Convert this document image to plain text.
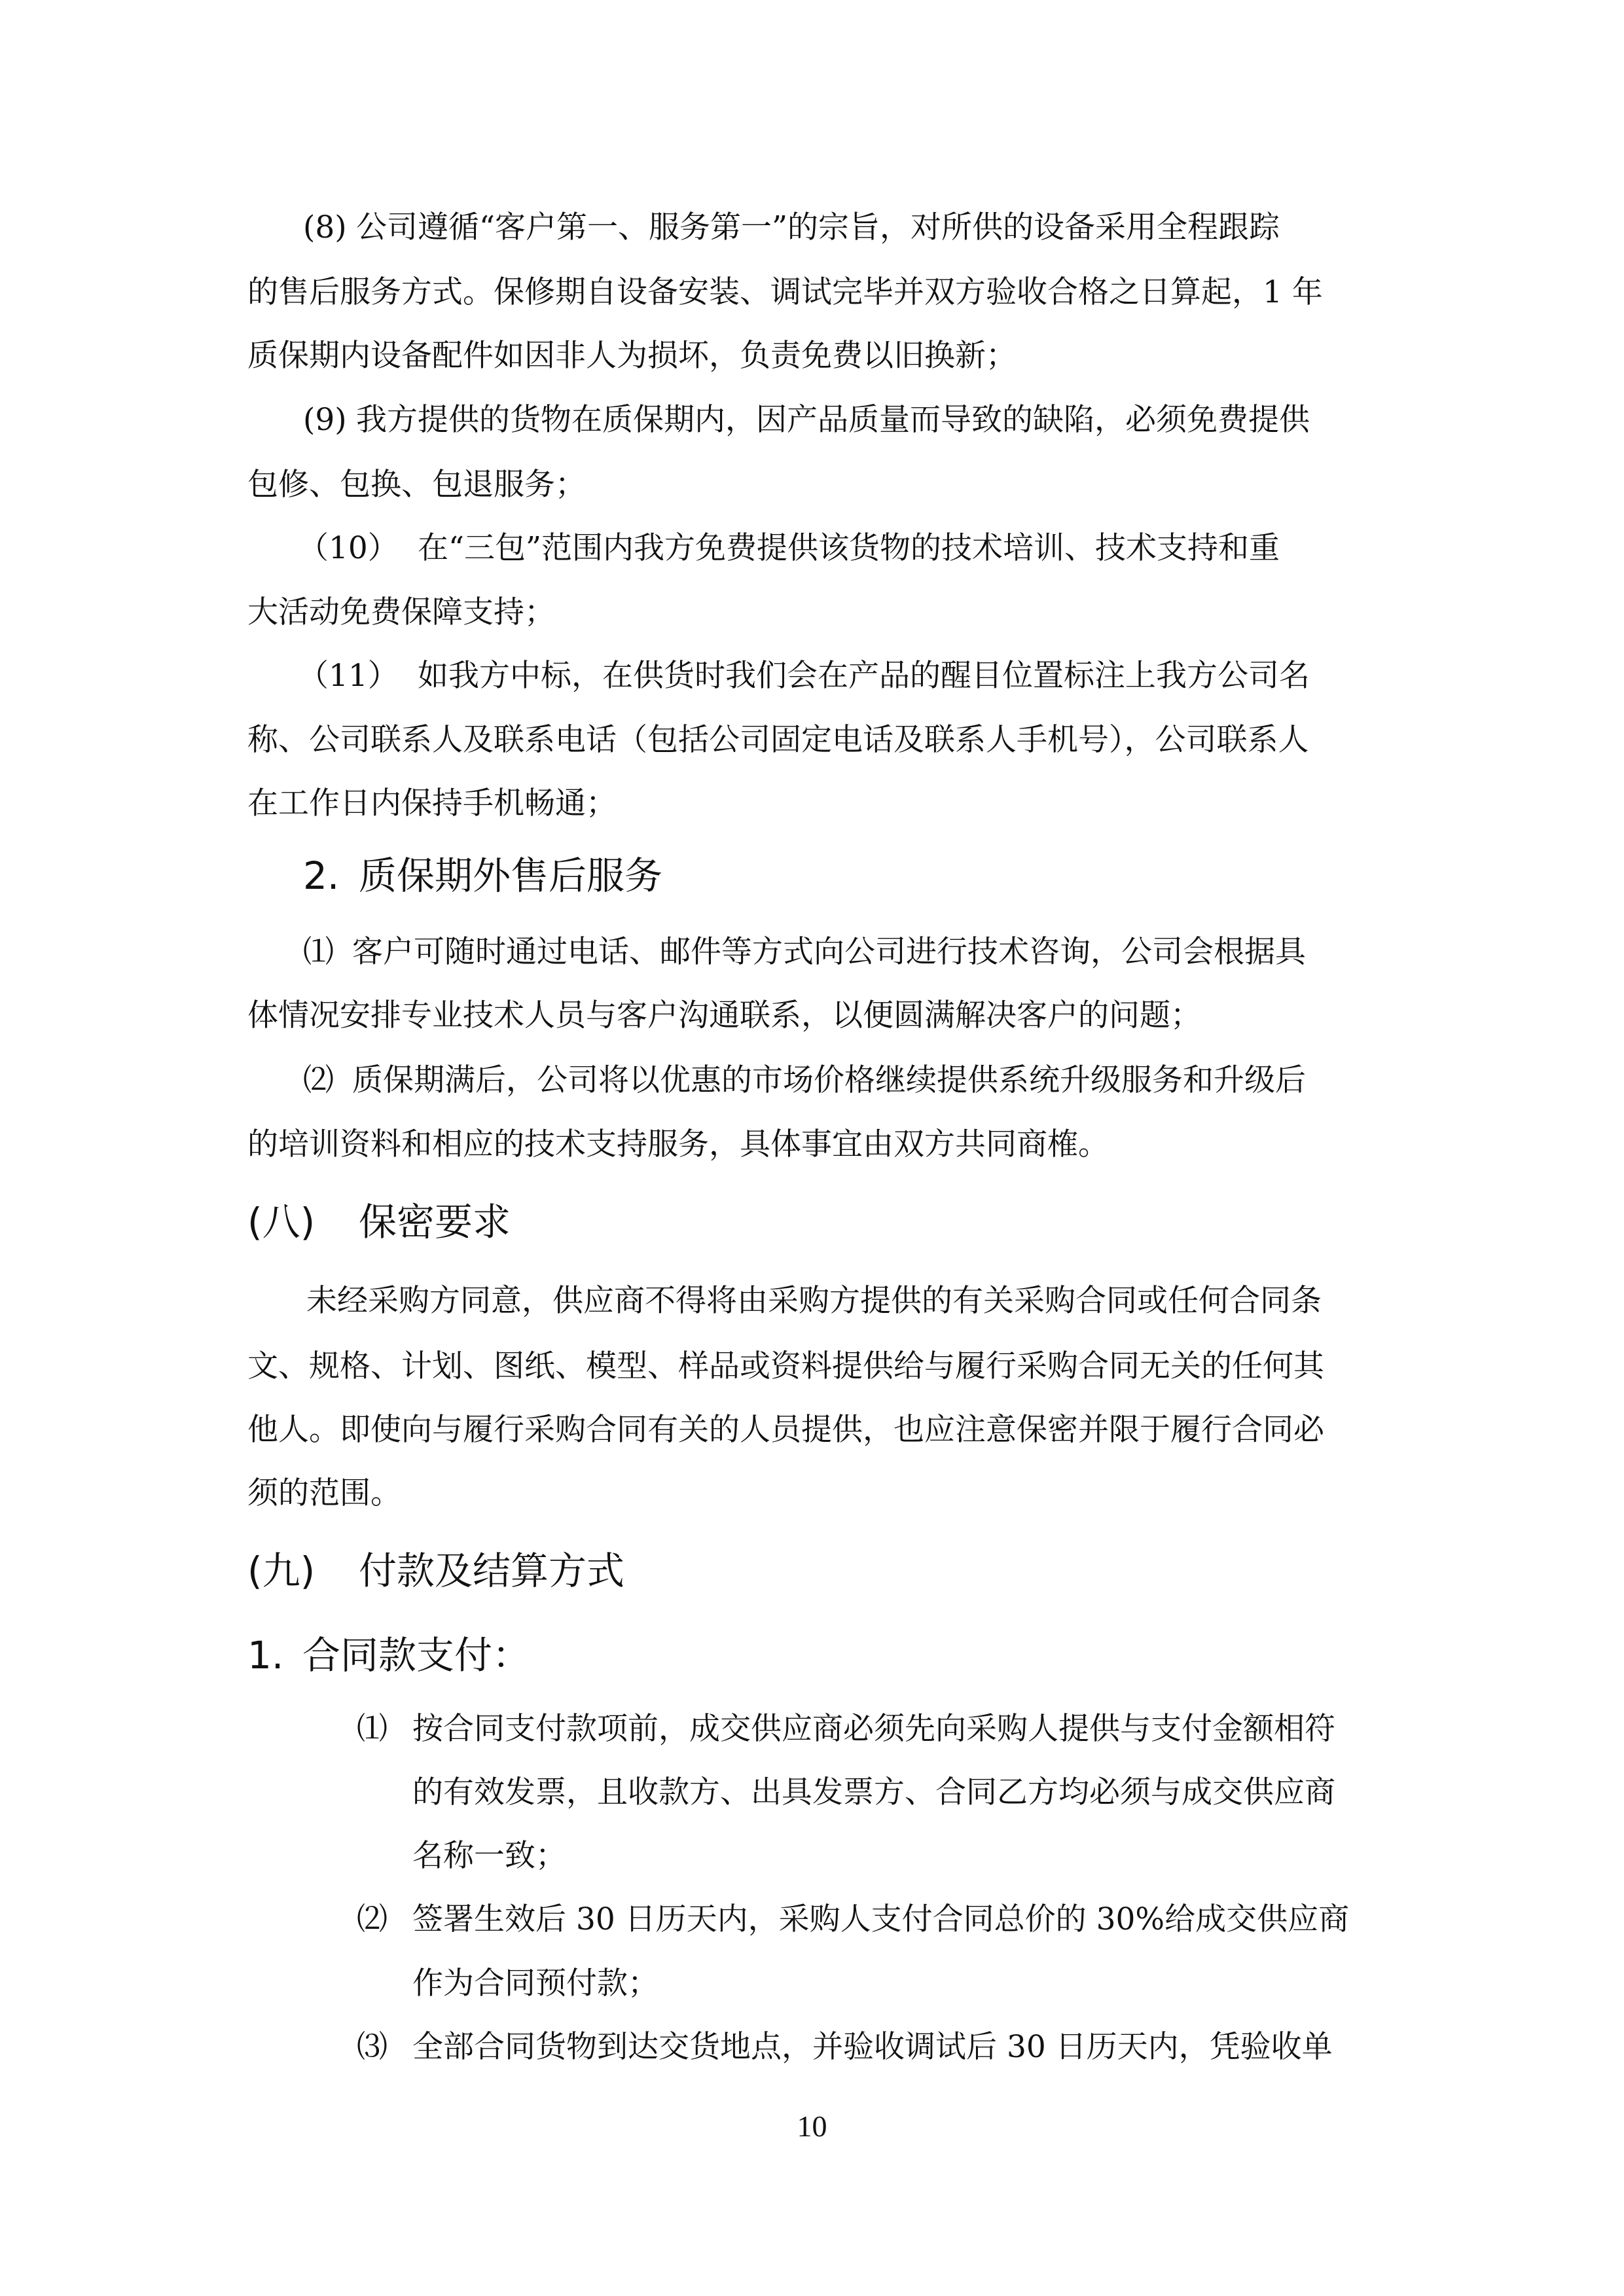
(8) 公司遵循“客户第一、服务第一”的宗旨，对所供的设备采用全程跟踪
的售后服务方式。保修期自设备安装、调试完毕并双方验收合格之日算起，1 年
质保期内设备配件如因非人为损坏，负责免费以旧换新；
(9) 我方提供的货物在质保期内，因产品质量而导致的缺陷，必须免费提供
包修、包换、包退服务；
（10） 在“三包”范围内我方免费提供该货物的技术培训、技术支持和重
大活动免费保障支持；
（11） 如我方中标，在供货时我们会在产品的醒目位置标注上我方公司名
称、公司联系人及联系电话（包括公司固定电话及联系人手机号），公司联系人
在工作日内保持手机畅通；
2. 质保期外售后服务
⑴ 客户可随时通过电话、邮件等方式向公司进行技术咨询，公司会根据具
体情况安排专业技术人员与客户沟通联系，以便圆满解决客户的问题；
⑵ 质保期满后，公司将以优惠的市场价格继续提供系统升级服务和升级后
的培训资料和相应的技术支持服务，具体事宜由双方共同商榷。
(八) 保密要求
未经采购方同意，供应商不得将由采购方提供的有关采购合同或任何合同条
文、规格、计划、图纸、模型、样品或资料提供给与履行采购合同无关的任何其
他人。即使向与履行采购合同有关的人员提供，也应注意保密并限于履行合同必
须的范围。
(九) 付款及结算方式
1. 合同款支付：
⑴ 按合同支付款项前，成交供应商必须先向采购人提供与支付金额相符
的有效发票，且收款方、出具发票方、合同乙方均必须与成交供应商
名称一致；
⑵ 签署生效后 30 日历天内，采购人支付合同总价的 30%给成交供应商
作为合同预付款；
⑶ 全部合同货物到达交货地点，并验收调试后 30 日历天内，凭验收单
10
